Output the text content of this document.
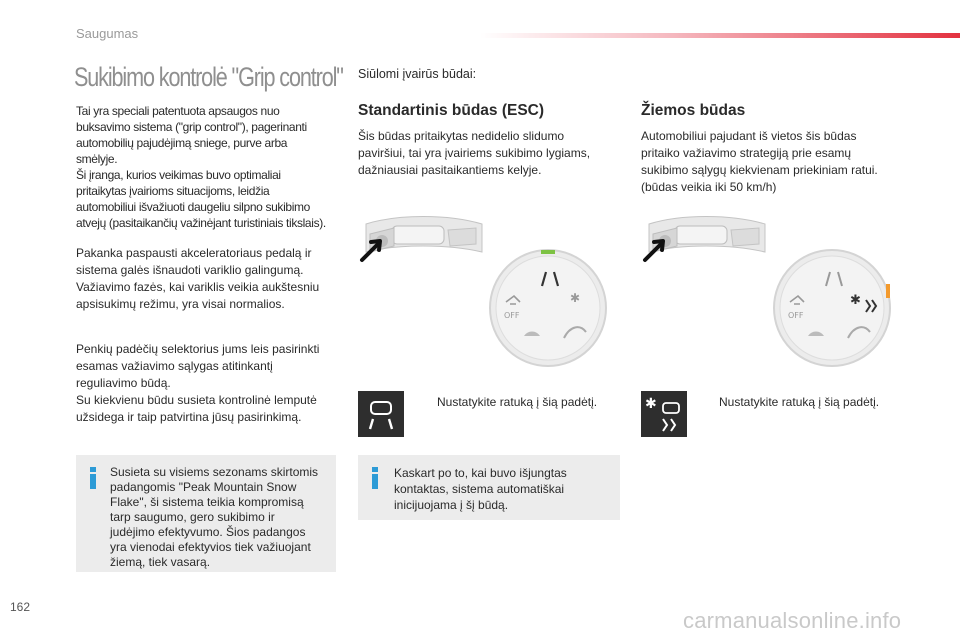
Saugumas
Sukibimo kontrolė "Grip control"
Tai yra speciali patentuota apsaugos nuo
buksavimo sistema ("grip control"), pagerinanti
automobilių pajudėjimą sniege, purve arba
smėlyje.
Ši įranga, kurios veikimas buvo optimaliai
pritaikytas įvairioms situacijoms, leidžia
automobiliui išvažiuoti daugeliu silpno sukibimo
atvejų (pasitaikančių važinėjant turistiniais tikslais).
Pakanka paspausti akceleratoriaus pedalą ir
sistema galės išnaudoti variklio galingumą.
Važiavimo fazės, kai variklis veikia aukštesniu
apsisukimų režimu, yra visai normalios.
Penkių padėčių selektorius jums leis pasirinkti
esamas važiavimo sąlygas atitinkantį
reguliavimo būdą.
Su kiekvienu būdu susieta kontrolinė lemputė
užsidega ir taip patvirtina jūsų pasirinkimą.
Susieta su visiems sezonams skirtomis
padangomis "Peak Mountain Snow
Flake", ši sistema teikia kompromisą
tarp saugumo, gero sukibimo ir
judėjimo efektyvumo. Šios padangos
yra vienodai efektyvios tiek važiuojant
žiemą, tiek vasarą.
Siūlomi įvairūs būdai:
Standartinis būdas (ESC)
Šis būdas pritaikytas nedidelio slidumo
paviršiui, tai yra įvairiems sukibimo lygiams,
dažniausiai pasitaikantiems kelyje.
✱
OFF
Nustatykite ratuką į šią padėtį.
Kaskart po to, kai buvo išjungtas
kontaktas, sistema automatiškai
inicijuojama į šį būdą.
Žiemos būdas
Automobiliui pajudant iš vietos šis būdas
pritaiko važiavimo strategiją prie esamų
sukibimo sąlygų kiekvienam priekiniam ratui.
(būdas veikia iki 50 km/h)
✱
OFF
✱	Nustatykite ratuką į šią padėtį.
162
carmanualsonline.info
